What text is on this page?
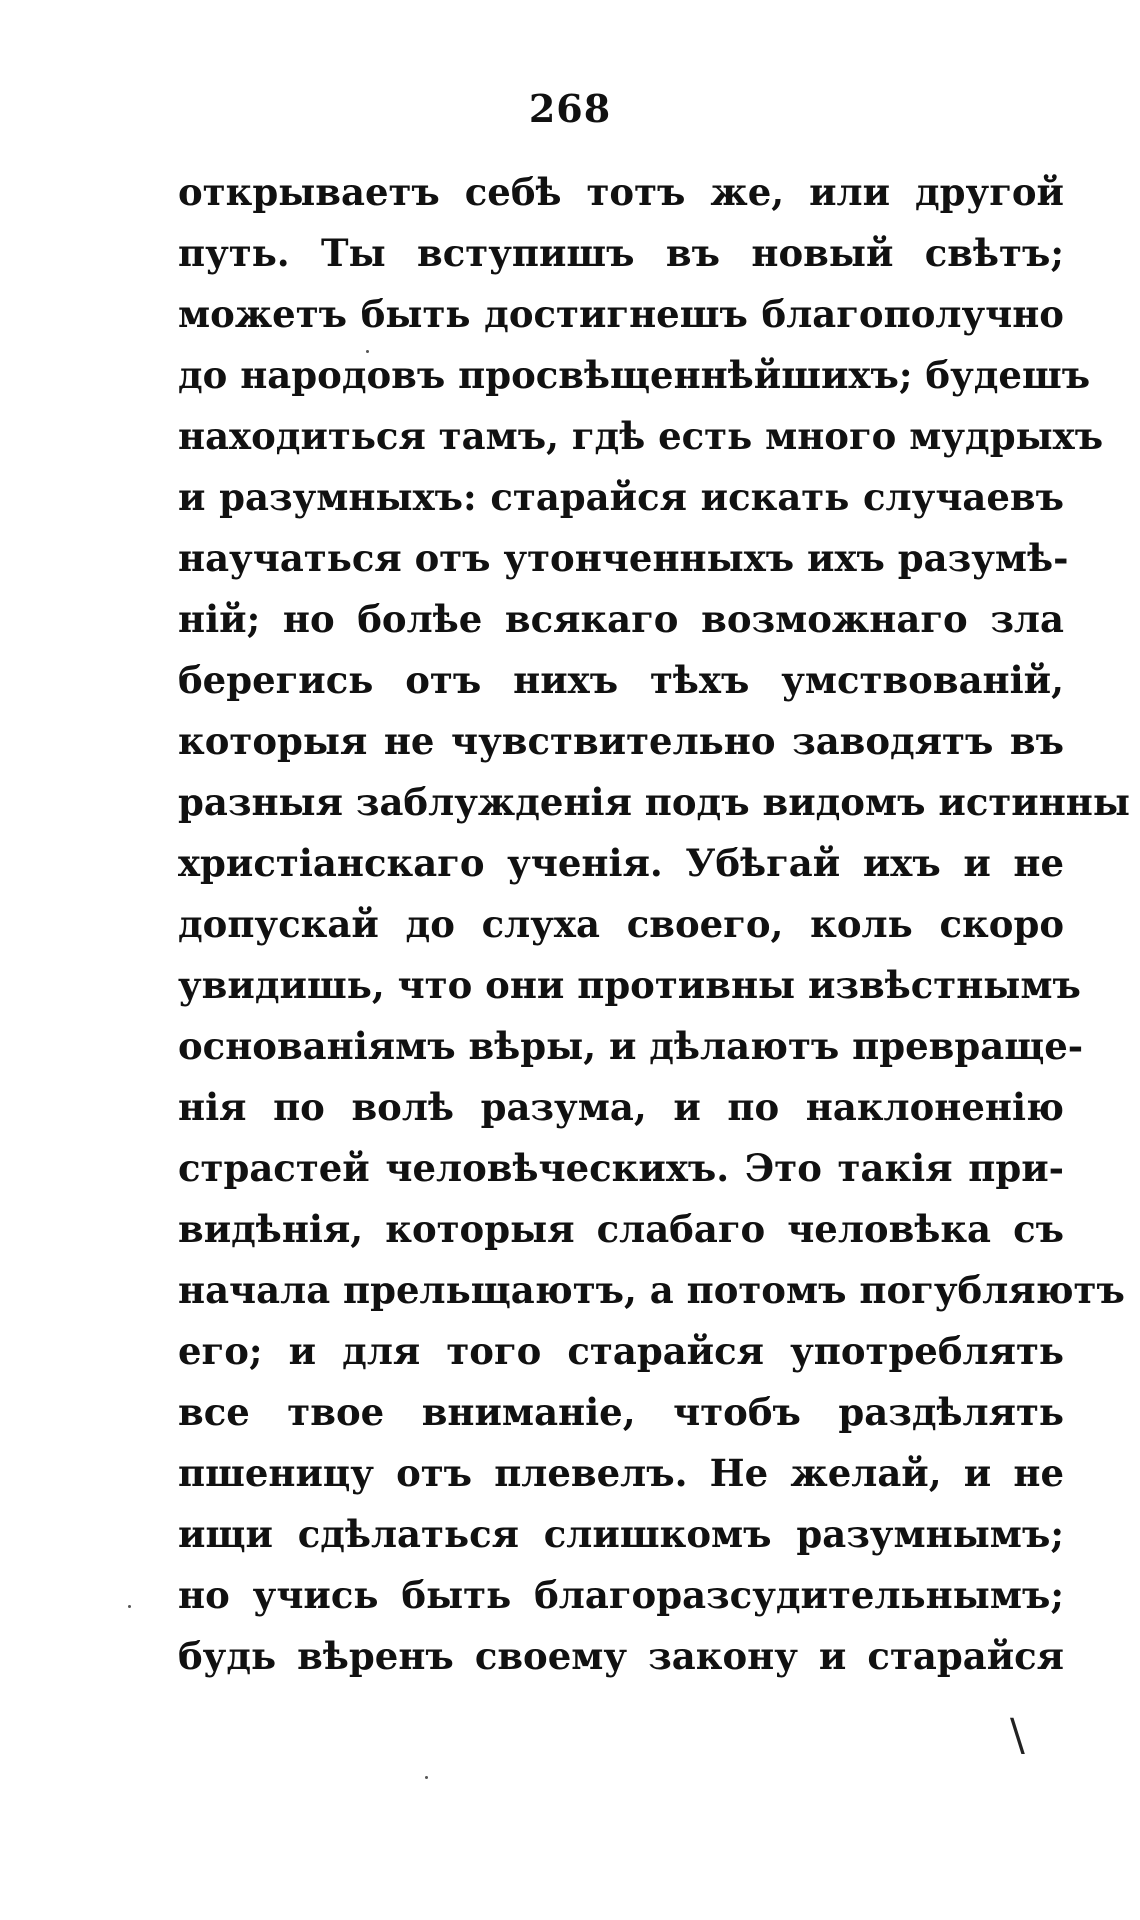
268
открываетъ себѣ тотъ же, или другой
путь. Ты вступишъ въ новый свѣтъ;
можетъ быть достигнешъ благополучно
до народовъ просвѣщеннѣйшихъ; будешъ
находиться тамъ, гдѣ есть много мудрыхъ
и разумныхъ: старайся искать случаевъ
научаться отъ утонченныхъ ихъ разумѣ-
ній; но болѣе всякаго возможнаго зла
берегись отъ нихъ тѣхъ умствованій,
которыя не чувствительно заводятъ въ
разныя заблужденія подъ видомъ истинны
христіанскаго ученія. Убѣгай ихъ и не
допускай до слуха своего, коль скоро
увидишь, что они противны извѣстнымъ
основаніямъ вѣры, и дѣлаютъ превраще-
нія по волѣ разума, и по наклоненію
страстей человѣческихъ. Это такія при-
видѣнія, которыя слабаго человѣка съ
начала прельщаютъ, а потомъ погубляютъ
его; и для того старайся употреблять
все твое вниманіе, чтобъ раздѣлять
пшеницу отъ плевелъ. Не желай, и не
ищи сдѣлаться слишкомъ разумнымъ;
но учись быть благоразсудительнымъ;
будь вѣренъ своему закону и старайся
\
